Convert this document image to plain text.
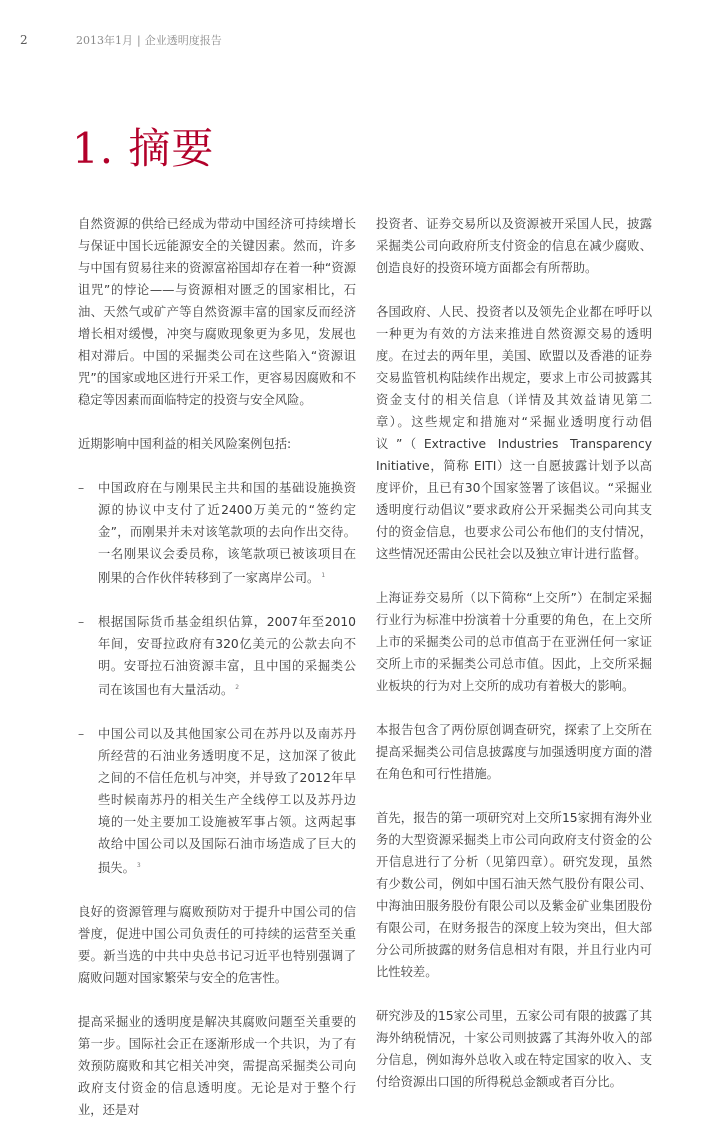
2	2013年1月 | 企业透明度报告
1. 摘要

自然资源的供给已经成为带动中国经济可持续增长与保证中国长远能源安全的关键因素。然而，许多与中国有贸易往来的资源富裕国却存在着一种“资源诅咒”的悖论——与资源相对匮乏的国家相比，石油、天然气或矿产等自然资源丰富的国家反而经济增长相对缓慢，冲突与腐败现象更为多见，发展也相对滞后。中国的采掘类公司在这些陷入“资源诅咒”的国家或地区进行开采工作，更容易因腐败和不稳定等因素而面临特定的投资与安全风险。

近期影响中国利益的相关风险案例包括:

– 中国政府在与刚果民主共和国的基础设施换资源的协议中支付了近2400万美元的“签约定金”，而刚果并未对该笔款项的去向作出交待。一名刚果议会委员称，该笔款项已被该项目在刚果的合作伙伴转移到了一家离岸公司。 $^1$
– 根据国际货币基金组织估算，2007年至2010年间，安哥拉政府有320亿美元的公款去向不明。安哥拉石油资源丰富，且中国的采掘类公司在该国也有大量活动。 $^2$
– 中国公司以及其他国家公司在苏丹以及南苏丹所经营的石油业务透明度不足，这加深了彼此之间的不信任危机与冲突，并导致了2012年早些时候南苏丹的相关生产全线停工以及苏丹边境的一处主要加工设施被军事占领。这两起事故给中国公司以及国际石油市场造成了巨大的损失。 $^3$

良好的资源管理与腐败预防对于提升中国公司的信誉度，促进中国公司负责任的可持续的运营至关重要。新当选的中共中央总书记习近平也特别强调了腐败问题对国家繁荣与安全的危害性。

提高采掘业的透明度是解决其腐败问题至关重要的第一步。国际社会正在逐渐形成一个共识，为了有效预防腐败和其它相关冲突，需提高采掘类公司向政府支付资金的信息透明度。无论是对于整个行业，还是对

投资者、证券交易所以及资源被开采国人民，披露采掘类公司向政府所支付资金的信息在减少腐败、创造良好的投资环境方面都会有所帮助。

各国政府、人民、投资者以及领先企业都在呼吁以一种更为有效的方法来推进自然资源交易的透明度。在过去的两年里，美国、欧盟以及香港的证券交易监管机构陆续作出规定，要求上市公司披露其资金支付的相关信息（详情及其效益请见第二章）。这些规定和措施对“采掘业透明度行动倡议”（Extractive Industries Transparency Initiative，简称 EITI）这一自愿披露计划予以高度评价，且已有30个国家签署了该倡议。“采掘业透明度行动倡议”要求政府公开采掘类公司向其支付的资金信息，也要求公司公布他们的支付情况，这些情况还需由公民社会以及独立审计进行监督。

上海证券交易所（以下简称“上交所”）在制定采掘行业行为标准中扮演着十分重要的角色，在上交所上市的采掘类公司的总市值高于在亚洲任何一家证交所上市的采掘类公司总市值。因此，上交所采掘业板块的行为对上交所的成功有着极大的影响。

本报告包含了两份原创调查研究，探索了上交所在提高采掘类公司信息披露度与加强透明度方面的潜在角色和可行性措施。

首先，报告的第一项研究对上交所15家拥有海外业务的大型资源采掘类上市公司向政府支付资金的公开信息进行了分析（见第四章）。研究发现，虽然有少数公司，例如中国石油天然气股份有限公司、中海油田服务股份有限公司以及紫金矿业集团股份有限公司，在财务报告的深度上较为突出，但大部分公司所披露的财务信息相对有限，并且行业内可比性较差。

研究涉及的15家公司里，五家公司有限的披露了其海外纳税情况，十家公司则披露了其海外收入的部分信息，例如海外总收入或在特定国家的收入、支付给资源出口国的所得税总金额或者百分比。
